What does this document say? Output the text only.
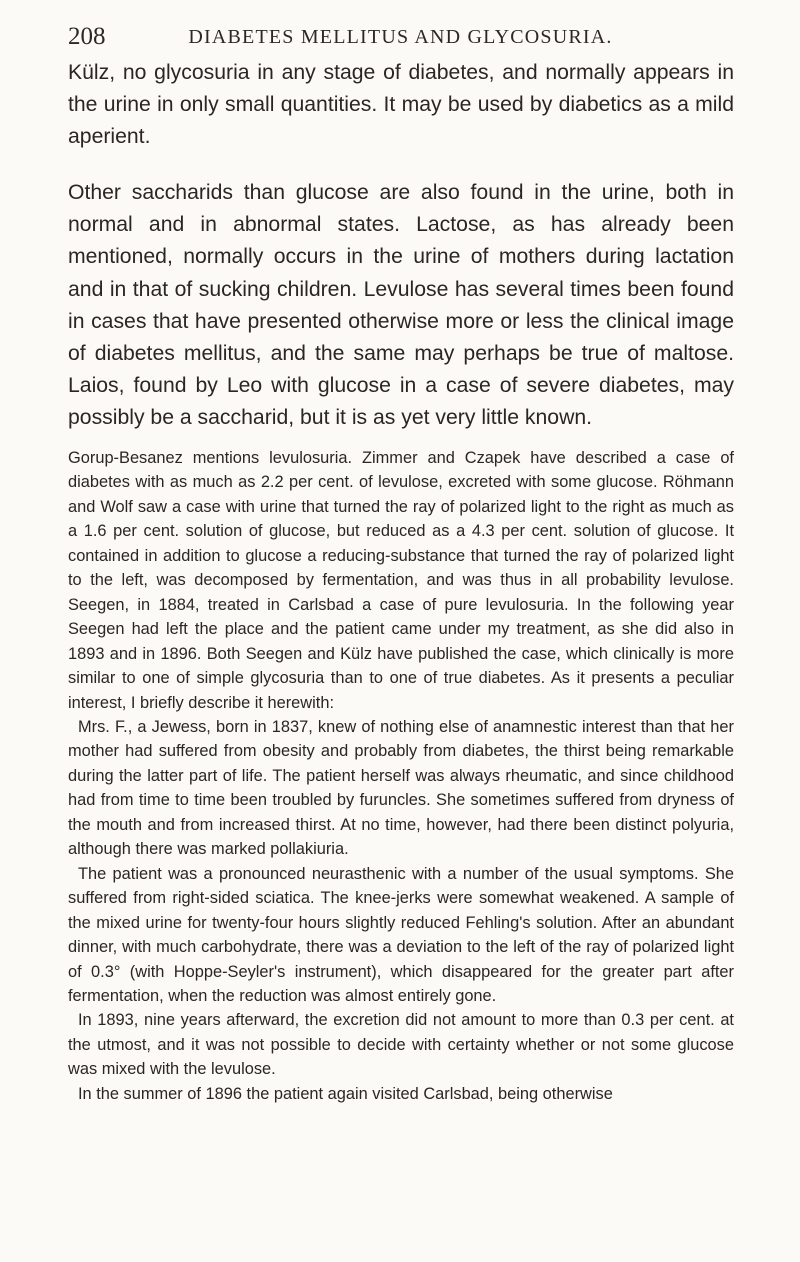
208	DIABETES MELLITUS AND GLYCOSURIA.

Külz, no glycosuria in any stage of diabetes, and normally appears in the urine in only small quantities. It may be used by diabetics as a mild aperient.

Other saccharids than glucose are also found in the urine, both in normal and in abnormal states. Lactose, as has already been mentioned, normally occurs in the urine of mothers during lactation and in that of sucking children. Levulose has several times been found in cases that have presented otherwise more or less the clinical image of diabetes mellitus, and the same may perhaps be true of maltose. Laios, found by Leo with glucose in a case of severe diabetes, may possibly be a saccharid, but it is as yet very little known.

Gorup-Besanez mentions levulosuria. Zimmer and Czapek have described a case of diabetes with as much as 2.2 per cent. of levulose, excreted with some glucose. Röhmann and Wolf saw a case with urine that turned the ray of polarized light to the right as much as a 1.6 per cent. solution of glucose, but reduced as a 4.3 per cent. solution of glucose. It contained in addition to glucose a reducing-substance that turned the ray of polarized light to the left, was decomposed by fermentation, and was thus in all probability levulose. Seegen, in 1884, treated in Carlsbad a case of pure levulosuria. In the following year Seegen had left the place and the patient came under my treatment, as she did also in 1893 and in 1896. Both Seegen and Külz have published the case, which clinically is more similar to one of simple glycosuria than to one of true diabetes. As it presents a peculiar interest, I briefly describe it herewith:

Mrs. F., a Jewess, born in 1837, knew of nothing else of anamnestic interest than that her mother had suffered from obesity and probably from diabetes, the thirst being remarkable during the latter part of life. The patient herself was always rheumatic, and since childhood had from time to time been troubled by furuncles. She sometimes suffered from dryness of the mouth and from increased thirst. At no time, however, had there been distinct polyuria, although there was marked pollakiuria.

The patient was a pronounced neurasthenic with a number of the usual symptoms. She suffered from right-sided sciatica. The knee-jerks were somewhat weakened. A sample of the mixed urine for twenty-four hours slightly reduced Fehling's solution. After an abundant dinner, with much carbohydrate, there was a deviation to the left of the ray of polarized light of 0.3° (with Hoppe-Seyler's instrument), which disappeared for the greater part after fermentation, when the reduction was almost entirely gone.

In 1893, nine years afterward, the excretion did not amount to more than 0.3 per cent. at the utmost, and it was not possible to decide with certainty whether or not some glucose was mixed with the levulose.

In the summer of 1896 the patient again visited Carlsbad, being otherwise
